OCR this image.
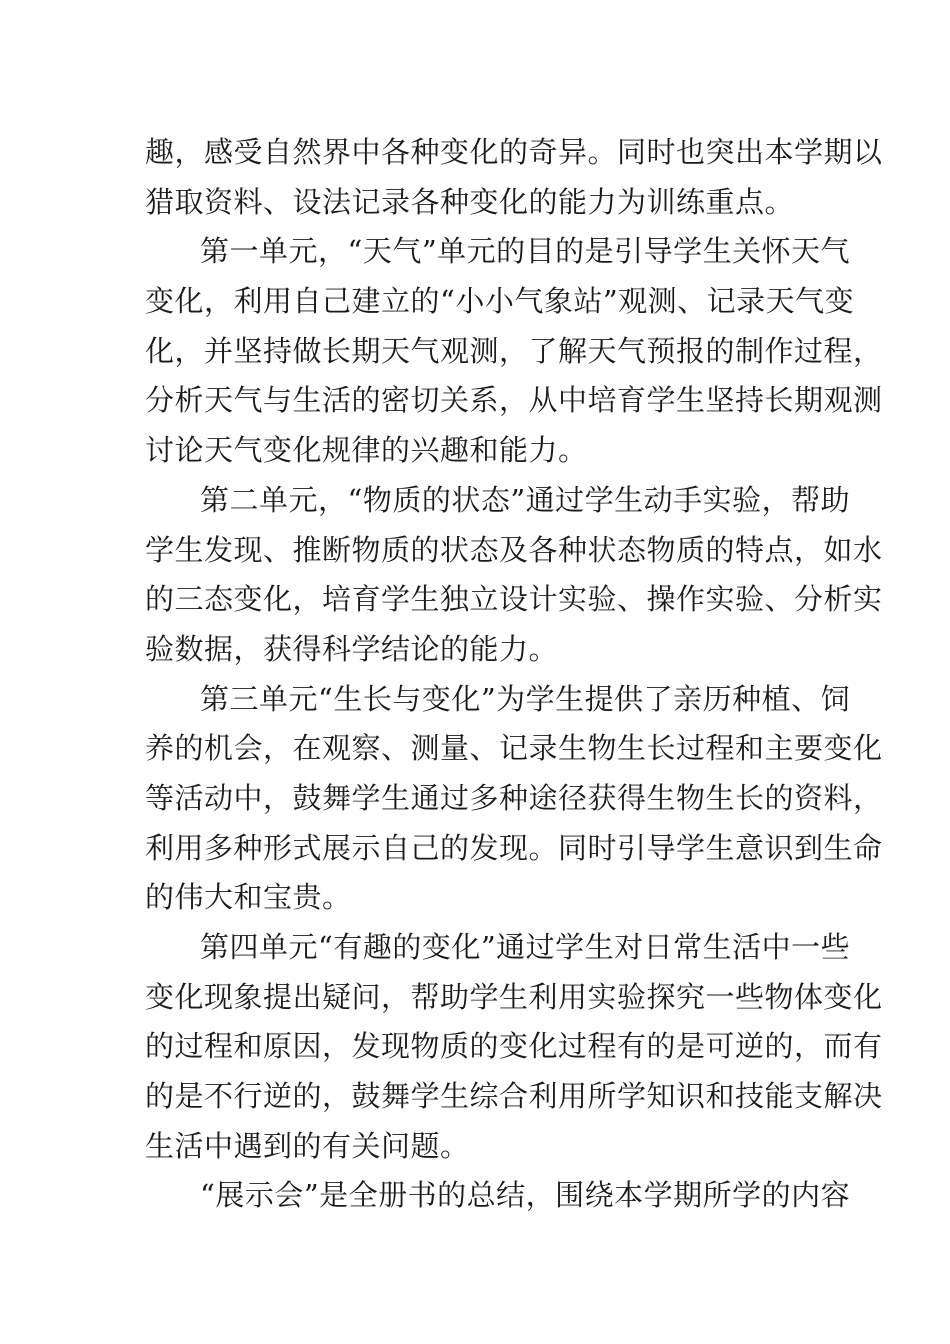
趣，感受自然界中各种变化的奇异。同时也突出本学期以
猎取资料、设法记录各种变化的能力为训练重点。
第一单元，“天气”单元的目的是引导学生关怀天气
变化，利用自己建立的“小小气象站”观测、记录天气变
化，并坚持做长期天气观测，了解天气预报的制作过程，
分析天气与生活的密切关系，从中培育学生坚持长期观测
讨论天气变化规律的兴趣和能力。
第二单元，“物质的状态”通过学生动手实验，帮助
学生发现、推断物质的状态及各种状态物质的特点，如水
的三态变化，培育学生独立设计实验、操作实验、分析实
验数据，获得科学结论的能力。
第三单元“生长与变化”为学生提供了亲历种植、饲
养的机会，在观察、测量、记录生物生长过程和主要变化
等活动中，鼓舞学生通过多种途径获得生物生长的资料，
利用多种形式展示自己的发现。同时引导学生意识到生命
的伟大和宝贵。
第四单元“有趣的变化”通过学生对日常生活中一些
变化现象提出疑问，帮助学生利用实验探究一些物体变化
的过程和原因，发现物质的变化过程有的是可逆的，而有
的是不行逆的，鼓舞学生综合利用所学知识和技能支解决
生活中遇到的有关问题。
“展示会”是全册书的总结，围绕本学期所学的内容
